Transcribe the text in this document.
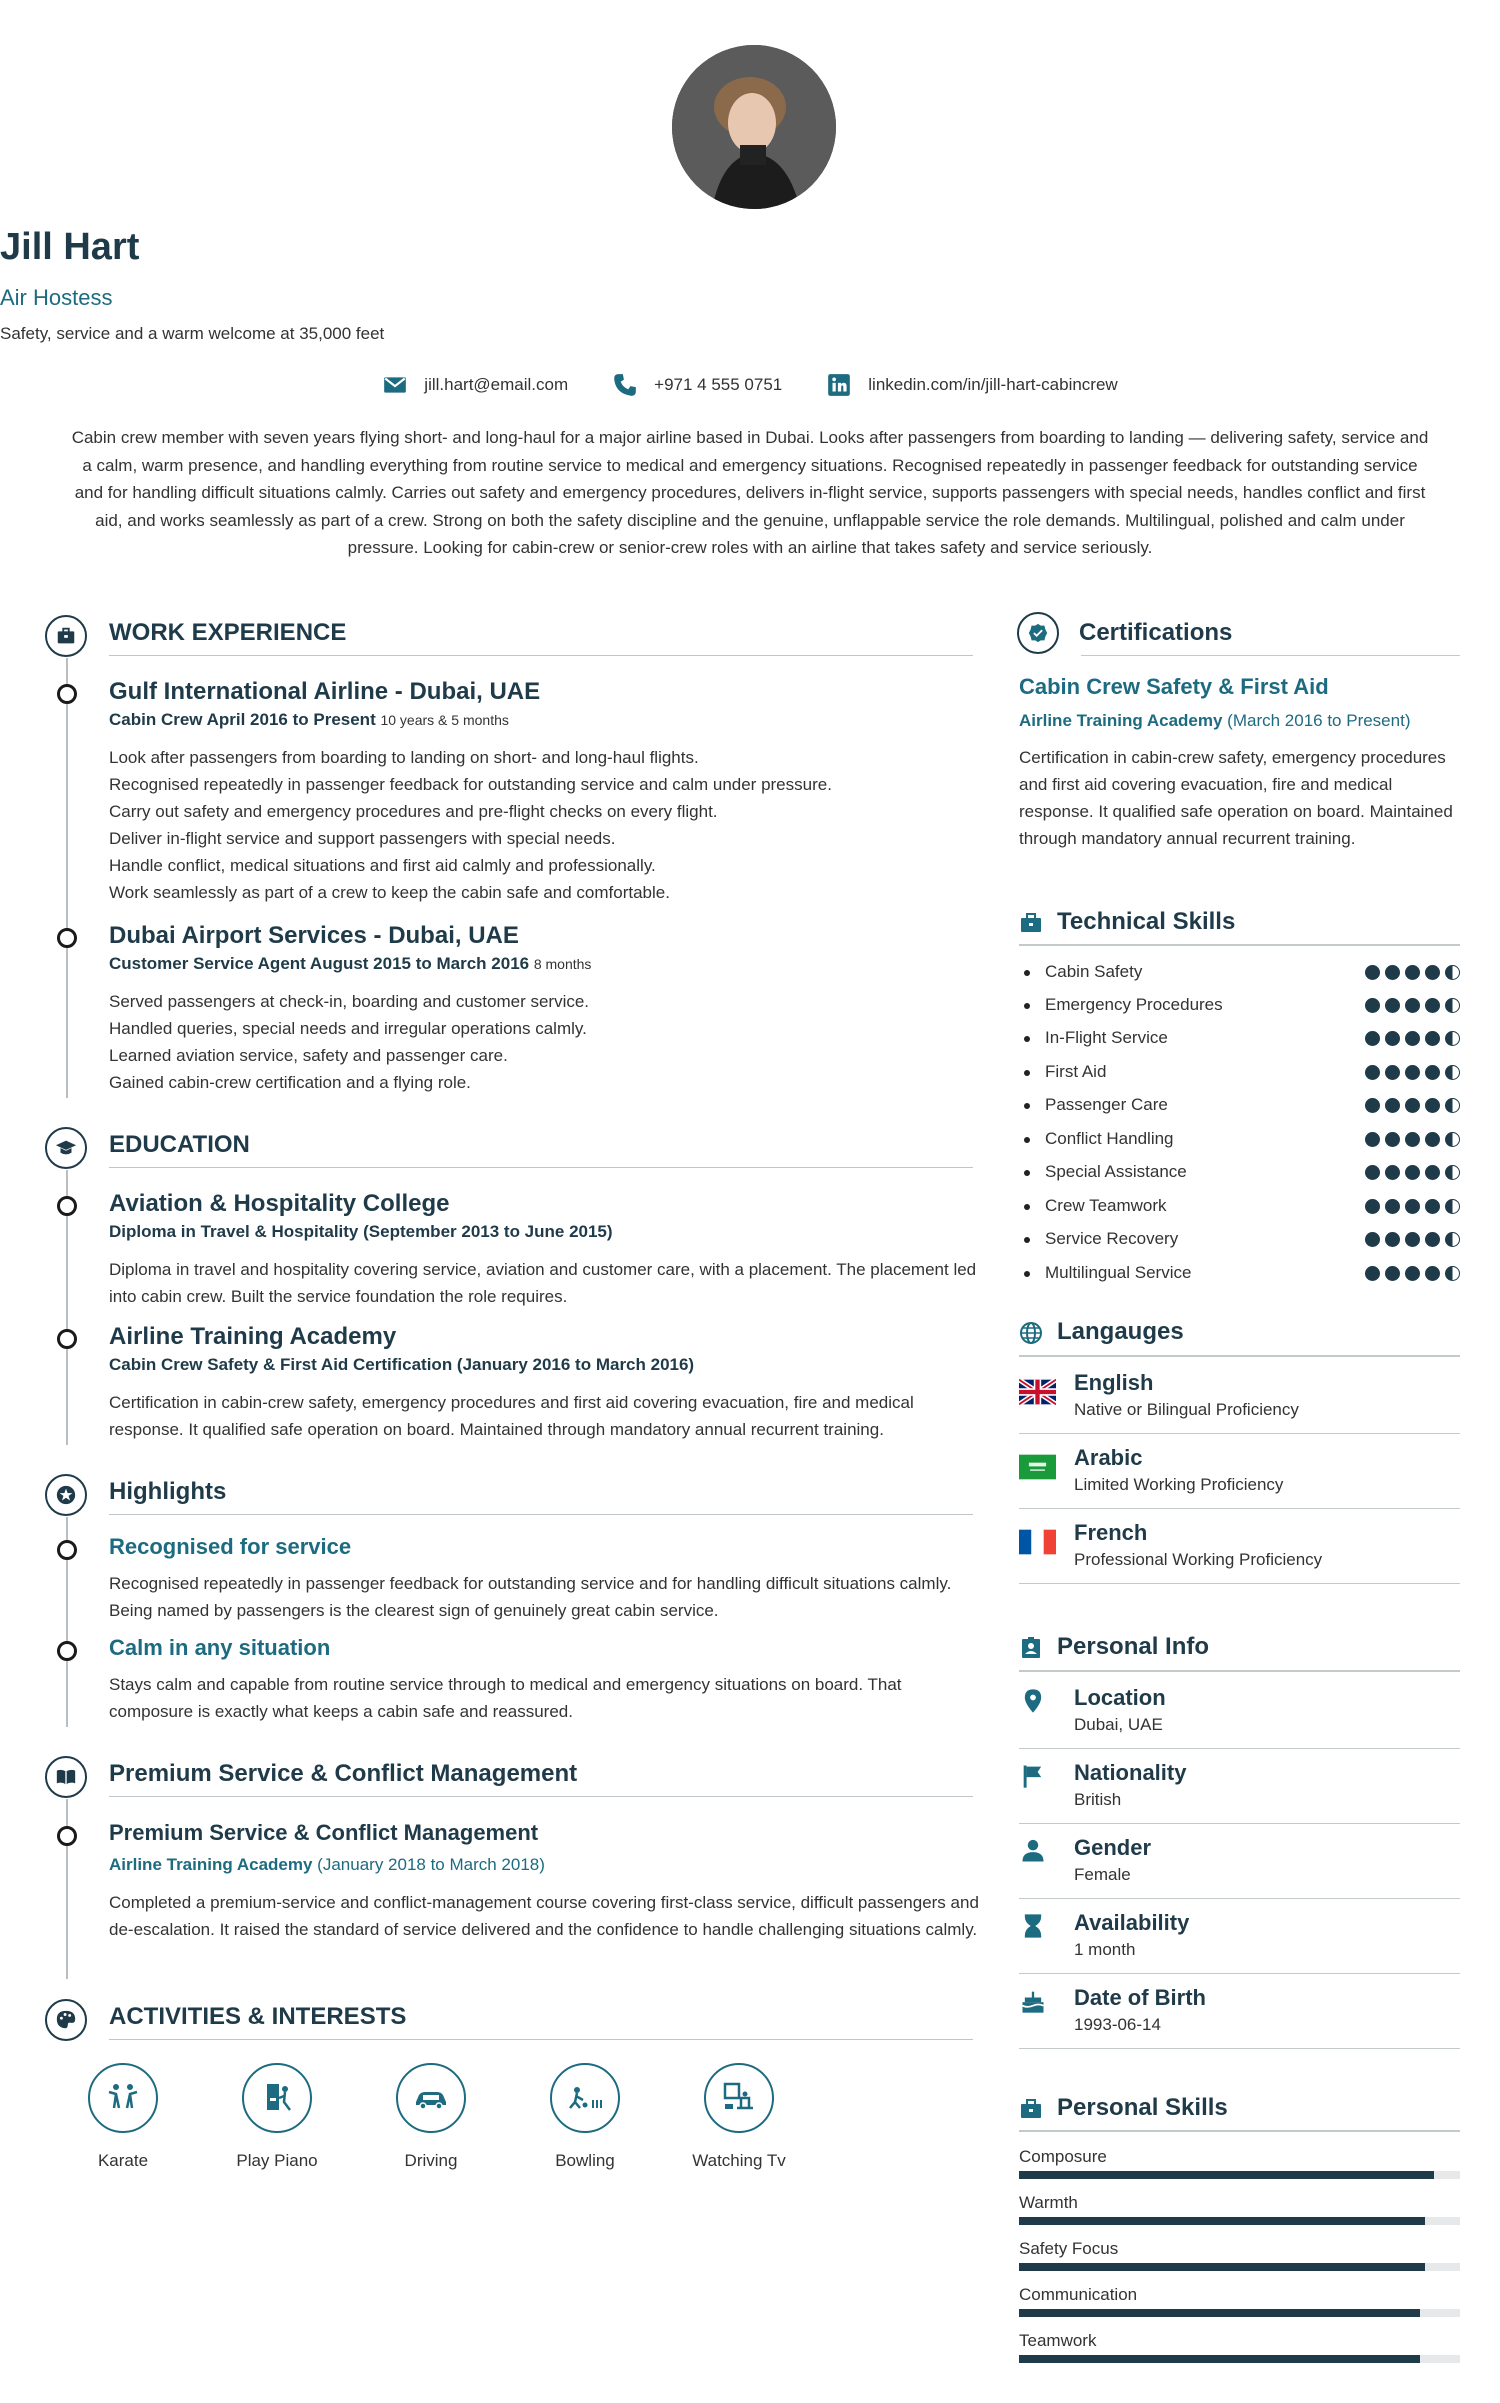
Jill Hart
Air Hostess
Safety, service and a warm welcome at 35,000 feet
jill.hart@email.com	+971 4 555 0751	linkedin.com/in/jill-hart-cabincrew
Cabin crew member with seven years flying short- and long-haul for a major airline based in Dubai. Looks after passengers from boarding to landing — delivering safety, service and a calm, warm presence, and handling everything from routine service to medical and emergency situations. Recognised repeatedly in passenger feedback for outstanding service and for handling difficult situations calmly. Carries out safety and emergency procedures, delivers in-flight service, supports passengers with special needs, handles conflict and first aid, and works seamlessly as part of a crew. Strong on both the safety discipline and the genuine, unflappable service the role demands. Multilingual, polished and calm under pressure. Looking for cabin-crew or senior-crew roles with an airline that takes safety and service seriously.
WORK EXPERIENCE
Gulf International Airline - Dubai, UAE
Cabin Crew April 2016 to Present 10 years & 5 months
Look after passengers from boarding to landing on short- and long-haul flights.
Recognised repeatedly in passenger feedback for outstanding service and calm under pressure.
Carry out safety and emergency procedures and pre-flight checks on every flight.
Deliver in-flight service and support passengers with special needs.
Handle conflict, medical situations and first aid calmly and professionally.
Work seamlessly as part of a crew to keep the cabin safe and comfortable.
Dubai Airport Services - Dubai, UAE
Customer Service Agent August 2015 to March 2016 8 months
Served passengers at check-in, boarding and customer service.
Handled queries, special needs and irregular operations calmly.
Learned aviation service, safety and passenger care.
Gained cabin-crew certification and a flying role.
EDUCATION
Aviation & Hospitality College
Diploma in Travel & Hospitality (September 2013 to June 2015)
Diploma in travel and hospitality covering service, aviation and customer care, with a placement. The placement led into cabin crew. Built the service foundation the role requires.
Airline Training Academy
Cabin Crew Safety & First Aid Certification (January 2016 to March 2016)
Certification in cabin-crew safety, emergency procedures and first aid covering evacuation, fire and medical response. It qualified safe operation on board. Maintained through mandatory annual recurrent training.
Highlights
Recognised for service
Recognised repeatedly in passenger feedback for outstanding service and for handling difficult situations calmly. Being named by passengers is the clearest sign of genuinely great cabin service.
Calm in any situation
Stays calm and capable from routine service through to medical and emergency situations on board. That composure is exactly what keeps a cabin safe and reassured.
Premium Service & Conflict Management
Premium Service & Conflict Management
Airline Training Academy (January 2018 to March 2018)
Completed a premium-service and conflict-management course covering first-class service, difficult passengers and de-escalation. It raised the standard of service delivered and the confidence to handle challenging situations calmly.
ACTIVITIES & INTERESTS
Karate	Play Piano	Driving	Bowling	Watching Tv
Certifications
Cabin Crew Safety & First Aid
Airline Training Academy (March 2016 to Present)
Certification in cabin-crew safety, emergency procedures and first aid covering evacuation, fire and medical response. It qualified safe operation on board. Maintained through mandatory annual recurrent training.
Technical Skills
Cabin Safety
Emergency Procedures
In-Flight Service
First Aid
Passenger Care
Conflict Handling
Special Assistance
Crew Teamwork
Service Recovery
Multilingual Service
Langauges
English
Native or Bilingual Proficiency
Arabic
Limited Working Proficiency
French
Professional Working Proficiency
Personal Info
Location
Dubai, UAE
Nationality
British
Gender
Female
Availability
1 month
Date of Birth
1993-06-14
Personal Skills
Composure
Warmth
Safety Focus
Communication
Teamwork
